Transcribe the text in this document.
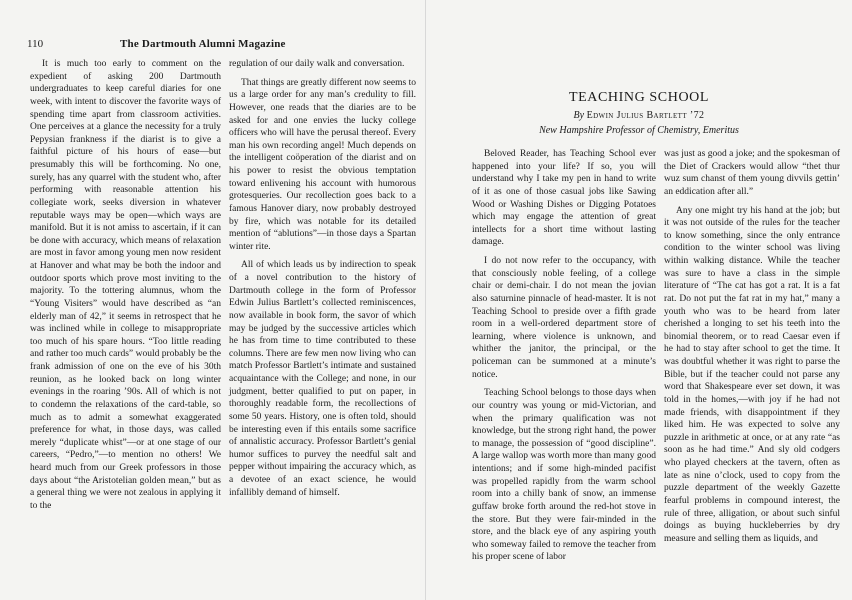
110	The Dartmouth Alumni Magazine

It is much too early to comment on the expedient of asking 200 Dartmouth undergraduates to keep careful diaries for one week, with intent to discover the favorite ways of spending time apart from classroom activities. One perceives at a glance the necessity for a truly Pepysian frankness if the diarist is to give a faithful picture of his hours of ease—but presumably this will be forthcoming. No one, surely, has any quarrel with the student who, after performing with reasonable attention his collegiate work, seeks diversion in whatever reputable ways may be open—which ways are manifold. But it is not amiss to ascertain, if it can be done with accuracy, which means of relaxation are most in favor among young men now resident at Hanover and what may be both the indoor and outdoor sports which prove most inviting to the majority. To the tottering alumnus, whom the “Young Visiters” would have described as “an elderly man of 42,” it seems in retrospect that he was inclined while in college to misappropriate too much of his spare hours. “Too little reading and rather too much cards” would probably be the frank admission of one on the eve of his 30th reunion, as he looked back on long winter evenings in the roaring ’90s. All of which is not to condemn the relaxations of the card-table, so much as to admit a somewhat exaggerated preference for what, in those days, was called merely “duplicate whist”—or at one stage of our careers, “Pedro,”—to mention no others! We heard much from our Greek professors in those days about “the Aristotelian golden mean,” but as a general thing we were not zealous in applying it to the

regulation of our daily walk and conversation.

That things are greatly different now seems to us a large order for any man’s credulity to fill. However, one reads that the diaries are to be asked for and one envies the lucky college officers who will have the perusal thereof. Every man his own recording angel! Much depends on the intelligent coöperation of the diarist and on his power to resist the obvious temptation toward enlivening his account with humorous grotesqueries. Our recollection goes back to a famous Hanover diary, now probably destroyed by fire, which was notable for its detailed mention of “ablutions”—in those days a Spartan winter rite.

All of which leads us by indirection to speak of a novel contribution to the history of Dartmouth college in the form of Professor Edwin Julius Bartlett’s collected reminiscences, now available in book form, the savor of which may be judged by the successive articles which he has from time to time contributed to these columns. There are few men now living who can match Professor Bartlett’s intimate and sustained acquaintance with the College; and none, in our judgment, better qualified to put on paper, in thoroughly readable form, the recollections of some 50 years. History, one is often told, should be interesting even if this entails some sacrifice of annalistic accuracy. Professor Bartlett’s genial humor suffices to purvey the needful salt and pepper without impairing the accuracy which, as a devotee of an exact science, he would infallibly demand of himself.

TEACHING SCHOOL
By Edwin Julius Bartlett ’72
New Hampshire Professor of Chemistry, Emeritus

Beloved Reader, has Teaching School ever happened into your life? If so, you will understand why I take my pen in hand to write of it as one of those casual jobs like Sawing Wood or Washing Dishes or Digging Potatoes which may engage the attention of great intellects for a short time without lasting damage.

I do not now refer to the occupancy, with that consciously noble feeling, of a college chair or demi-chair. I do not mean the jovian also saturnine pinnacle of head-master. It is not Teaching School to preside over a fifth grade room in a well-ordered department store of learning, where violence is unknown, and whither the janitor, the principal, or the policeman can be summoned at a minute’s notice.

Teaching School belongs to those days when our country was young or mid-Victorian, and when the primary qualification was not knowledge, but the strong right hand, the power to manage, the possession of “good discipline”. A large wallop was worth more than many good intentions; and if some high-minded pacifist was propelled rapidly from the warm school room into a chilly bank of snow, an immense guffaw broke forth around the red-hot stove in the store. But they were fair-minded in the store, and the black eye of any aspiring youth who someway failed to remove the teacher from his proper scene of labor

was just as good a joke; and the spokesman of the Diet of Crackers would allow “thet thur wuz sum chanst of them young divvils gettin’ an eddication after all.”

Any one might try his hand at the job; but it was not outside of the rules for the teacher to know something, since the only entrance condition to the winter school was living within walking distance. While the teacher was sure to have a class in the simple literature of “The cat has got a rat. It is a fat rat. Do not put the fat rat in my hat,” many a youth who was to be heard from later cherished a longing to set his teeth into the binomial theorem, or to read Caesar even if he had to stay after school to get the time. It was doubtful whether it was right to parse the Bible, but if the teacher could not parse any word that Shakespeare ever set down, it was told in the homes,—with joy if he had not made friends, with disappointment if they liked him. He was expected to solve any puzzle in arithmetic at once, or at any rate “as soon as he had time.” And sly old codgers who played checkers at the tavern, often as late as nine o’clock, used to copy from the puzzle department of the weekly Gazette fearful problems in compound interest, the rule of three, alligation, or about such sinful doings as buying huckleberries by dry measure and selling them as liquids, and
